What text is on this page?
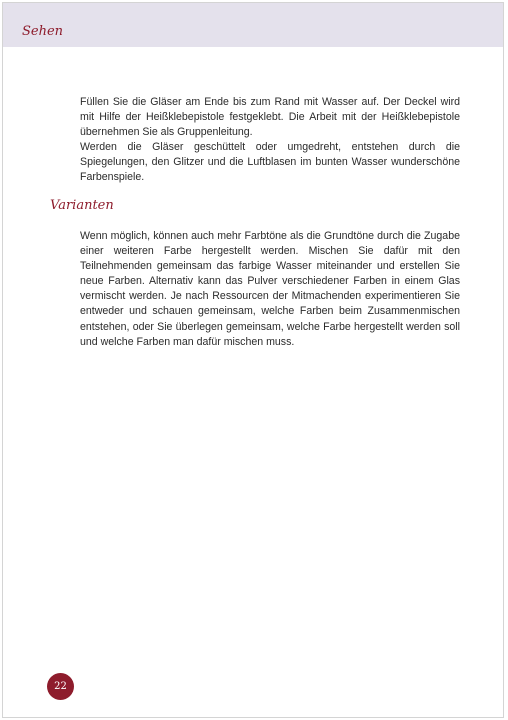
Sehen

Füllen Sie die Gläser am Ende bis zum Rand mit Wasser auf. Der Deckel wird mit Hilfe der Heißklebepistole festgeklebt. Die Arbeit mit der Heißklebepistole übernehmen Sie als Gruppenleitung.

Werden die Gläser geschüttelt oder umgedreht, entstehen durch die Spiegelungen, den Glitzer und die Luftblasen im bunten Wasser wunderschöne Farbenspiele.

Varianten

Wenn möglich, können auch mehr Farbtöne als die Grundtöne durch die Zugabe einer weiteren Farbe hergestellt werden. Mischen Sie dafür mit den Teilnehmenden gemeinsam das farbige Wasser miteinander und erstellen Sie neue Farben. Alternativ kann das Pulver verschiedener Farben in einem Glas vermischt werden. Je nach Ressourcen der Mitmachenden experimentieren Sie entweder und schauen gemeinsam, welche Farben beim Zusammenmischen entstehen, oder Sie überlegen gemeinsam, welche Farbe hergestellt werden soll und welche Farben man dafür mischen muss.

22
